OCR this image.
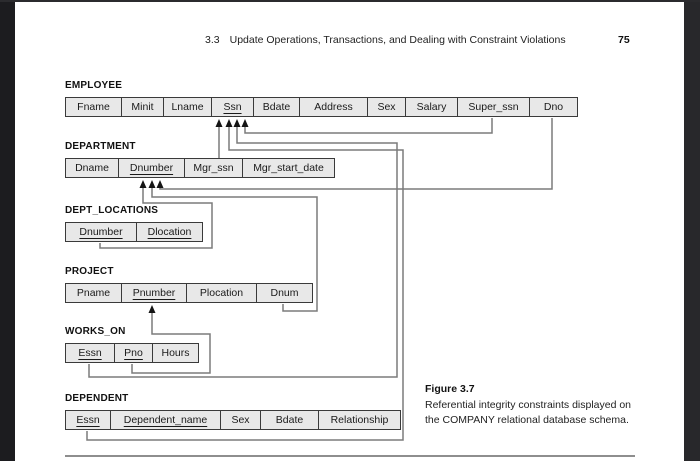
3.3 Update Operations, Transactions, and Dealing with Constraint Violations	75
EMPLOYEE
Fname	Minit	Lname	Ssn	Bdate	Address	Sex	Salary	Super_ssn	Dno
DEPARTMENT
Dname	Dnumber	Mgr_ssn	Mgr_start_date
DEPT_LOCATIONS
Dnumber	Dlocation
PROJECT
Pname	Pnumber	Plocation	Dnum
WORKS_ON
Essn	Pno	Hours
DEPENDENT
Essn	Dependent_name	Sex	Bdate	Relationship
Figure 3.7
Referential integrity constraints displayed on the COMPANY relational database schema.
